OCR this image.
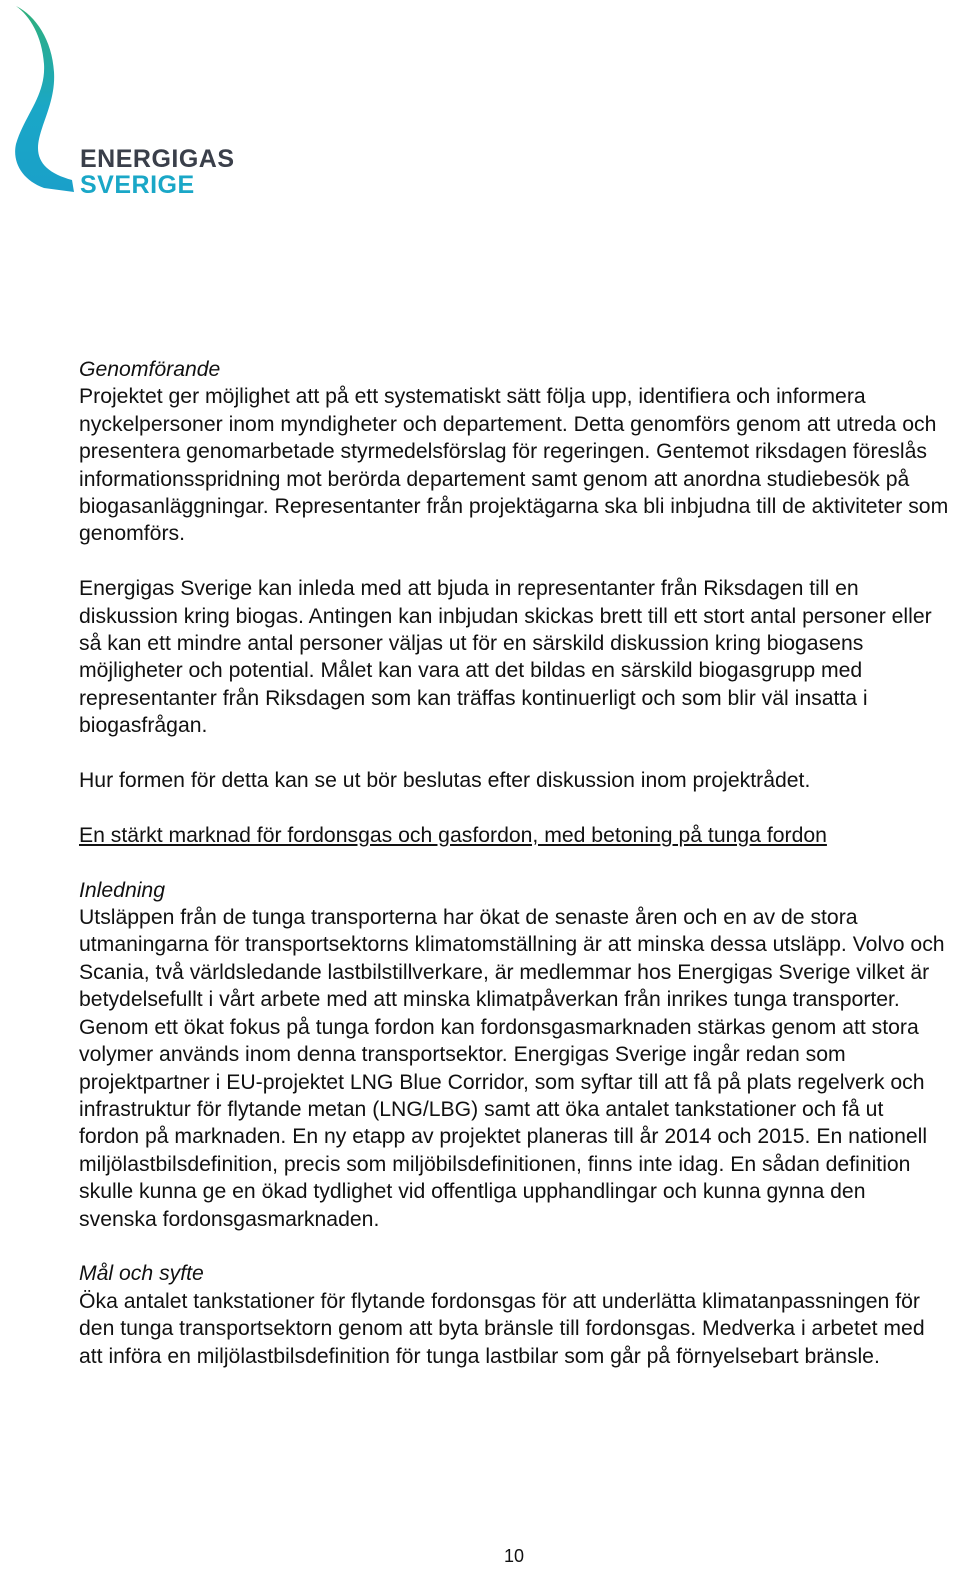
ENERGIGAS
SVERIGE
Genomförande

Projektet ger möjlighet att på ett systematiskt sätt följa upp, identifiera och informera nyckelpersoner inom myndigheter och departement. Detta genomförs genom att utreda och presentera genomarbetade styrmedelsförslag för regeringen. Gentemot riksdagen föreslås informationsspridning mot berörda departement samt genom att anordna studiebesök på biogasanläggningar. Representanter från projektägarna ska bli inbjudna till de aktiviteter som genomförs.

Energigas Sverige kan inleda med att bjuda in representanter från Riksdagen till en diskussion kring biogas. Antingen kan inbjudan skickas brett till ett stort antal personer eller så kan ett mindre antal personer väljas ut för en särskild diskussion kring biogasens möjligheter och potential. Målet kan vara att det bildas en särskild biogasgrupp med representanter från Riksdagen som kan träffas kontinuerligt och som blir väl insatta i biogasfrågan.

Hur formen för detta kan se ut bör beslutas efter diskussion inom projektrådet.

En stärkt marknad för fordonsgas och gasfordon, med betoning på tunga fordon
Inledning

Utsläppen från de tunga transporterna har ökat de senaste åren och en av de stora utmaningarna för transportsektorns klimatomställning är att minska dessa utsläpp. Volvo och Scania, två världsledande lastbilstillverkare, är medlemmar hos Energigas Sverige vilket är betydelsefullt i vårt arbete med att minska klimatpåverkan från inrikes tunga transporter. Genom ett ökat fokus på tunga fordon kan fordonsgasmarknaden stärkas genom att stora volymer används inom denna transportsektor. Energigas Sverige ingår redan som projektpartner i EU-projektet LNG Blue Corridor, som syftar till att få på plats regelverk och infrastruktur för flytande metan (LNG/LBG) samt att öka antalet tankstationer och få ut fordon på marknaden. En ny etapp av projektet planeras till år 2014 och 2015. En nationell miljölastbilsdefinition, precis som miljöbilsdefinitionen, finns inte idag. En sådan definition skulle kunna ge en ökad tydlighet vid offentliga upphandlingar och kunna gynna den svenska fordonsgasmarknaden.

Mål och syfte

Öka antalet tankstationer för flytande fordonsgas för att underlätta klimatanpassningen för den tunga transportsektorn genom att byta bränsle till fordonsgas. Medverka i arbetet med att införa en miljölastbilsdefinition för tunga lastbilar som går på förnyelsebart bränsle.

10
